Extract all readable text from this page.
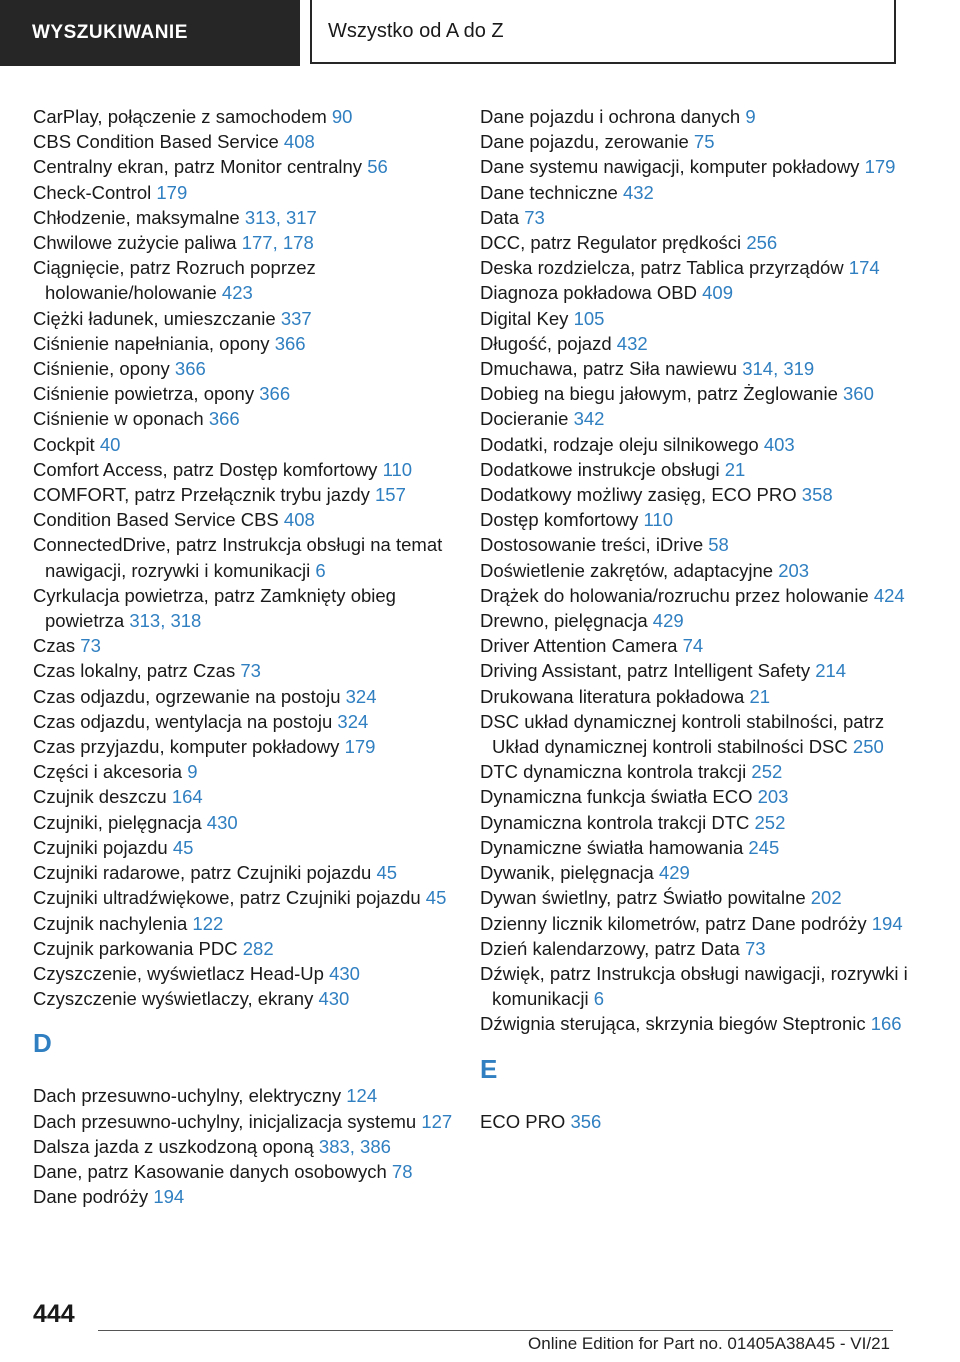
WYSZUKIWANIE	Wszystko od A do Z
CarPlay, połączenie z samochodem 90
CBS Condition Based Service 408
Centralny ekran, patrz Monitor centralny 56
Check-Control 179
Chłodzenie, maksymalne 313, 317
Chwilowe zużycie paliwa 177, 178
Ciągnięcie, patrz Rozruch poprzez holowanie/holowanie 423
Ciężki ładunek, umieszczanie 337
Ciśnienie napełniania, opony 366
Ciśnienie, opony 366
Ciśnienie powietrza, opony 366
Ciśnienie w oponach 366
Cockpit 40
Comfort Access, patrz Dostęp komfortowy 110
COMFORT, patrz Przełącznik trybu jazdy 157
Condition Based Service CBS 408
ConnectedDrive, patrz Instrukcja obsługi na temat nawigacji, rozrywki i komunikacji 6
Cyrkulacja powietrza, patrz Zamknięty obieg powietrza 313, 318
Czas 73
Czas lokalny, patrz Czas 73
Czas odjazdu, ogrzewanie na postoju 324
Czas odjazdu, wentylacja na postoju 324
Czas przyjazdu, komputer pokładowy 179
Części i akcesoria 9
Czujnik deszczu 164
Czujniki, pielęgnacja 430
Czujniki pojazdu 45
Czujniki radarowe, patrz Czujniki pojazdu 45
Czujniki ultradźwiękowe, patrz Czujniki pojazdu 45
Czujnik nachylenia 122
Czujnik parkowania PDC 282
Czyszczenie, wyświetlacz Head-Up 430
Czyszczenie wyświetlaczy, ekrany 430
D
Dach przesuwno-uchylny, elektryczny 124
Dach przesuwno-uchylny, inicjalizacja systemu 127
Dalsza jazda z uszkodzoną oponą 383, 386
Dane, patrz Kasowanie danych osobowych 78
Dane podróży 194
Dane pojazdu i ochrona danych 9
Dane pojazdu, zerowanie 75
Dane systemu nawigacji, komputer pokładowy 179
Dane techniczne 432
Data 73
DCC, patrz Regulator prędkości 256
Deska rozdzielcza, patrz Tablica przyrządów 174
Diagnoza pokładowa OBD 409
Digital Key 105
Długość, pojazd 432
Dmuchawa, patrz Siła nawiewu 314, 319
Dobieg na biegu jałowym, patrz Żeglowanie 360
Docieranie 342
Dodatki, rodzaje oleju silnikowego 403
Dodatkowe instrukcje obsługi 21
Dodatkowy możliwy zasięg, ECO PRO 358
Dostęp komfortowy 110
Dostosowanie treści, iDrive 58
Doświetlenie zakrętów, adaptacyjne 203
Drążek do holowania/rozruchu przez holowanie 424
Drewno, pielęgnacja 429
Driver Attention Camera 74
Driving Assistant, patrz Intelligent Safety 214
Drukowana literatura pokładowa 21
DSC układ dynamicznej kontroli stabilności, patrz Układ dynamicznej kontroli stabilności DSC 250
DTC dynamiczna kontrola trakcji 252
Dynamiczna funkcja światła ECO 203
Dynamiczna kontrola trakcji DTC 252
Dynamiczne światła hamowania 245
Dywanik, pielęgnacja 429
Dywan świetlny, patrz Światło powitalne 202
Dzienny licznik kilometrów, patrz Dane podróży 194
Dzień kalendarzowy, patrz Data 73
Dźwięk, patrz Instrukcja obsługi nawigacji, rozrywki i komunikacji 6
Dźwignia sterująca, skrzynia biegów Steptronic 166
E
ECO PRO 356
444
Online Edition for Part no. 01405A38A45 - VI/21
